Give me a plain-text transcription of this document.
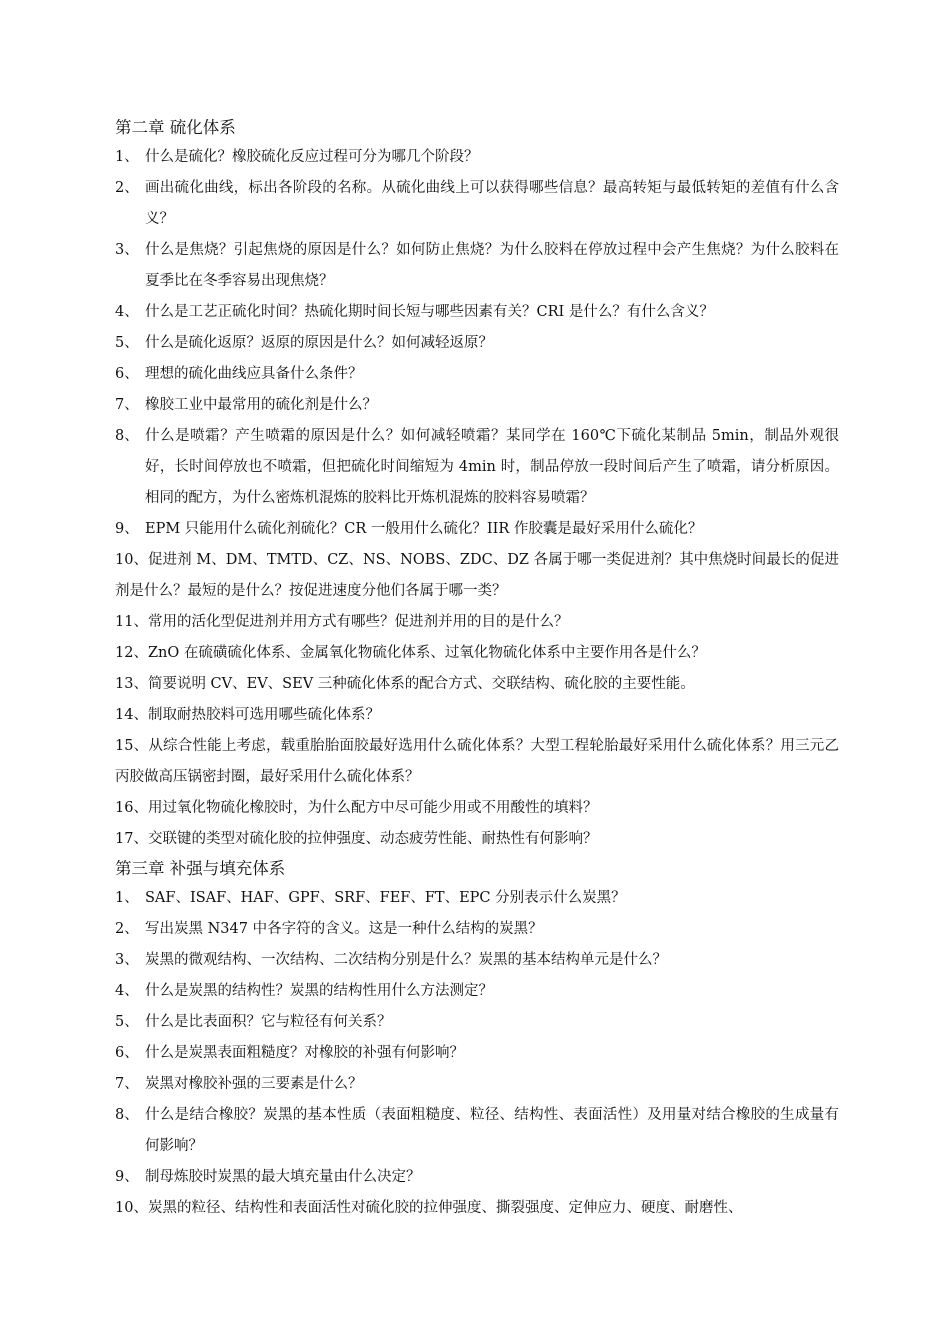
第二章 硫化体系

1、 什么是硫化？橡胶硫化反应过程可分为哪几个阶段？

2、 画出硫化曲线，标出各阶段的名称。从硫化曲线上可以获得哪些信息？最高转矩与最低转矩的差值有什么含义？

3、 什么是焦烧？引起焦烧的原因是什么？如何防止焦烧？为什么胶料在停放过程中会产生焦烧？为什么胶料在夏季比在冬季容易出现焦烧？

4、 什么是工艺正硫化时间？热硫化期时间长短与哪些因素有关？CRI 是什么？有什么含义？

5、 什么是硫化返原？返原的原因是什么？如何减轻返原？

6、 理想的硫化曲线应具备什么条件？

7、 橡胶工业中最常用的硫化剂是什么？

8、 什么是喷霜？产生喷霜的原因是什么？如何减轻喷霜？某同学在 160℃下硫化某制品 5min，制品外观很好，长时间停放也不喷霜，但把硫化时间缩短为 4min 时，制品停放一段时间后产生了喷霜，请分析原因。相同的配方，为什么密炼机混炼的胶料比开炼机混炼的胶料容易喷霜？

9、 EPM 只能用什么硫化剂硫化？CR 一般用什么硫化？IIR 作胶囊是最好采用什么硫化？

10、促进剂 M、DM、TMTD、CZ、NS、NOBS、ZDC、DZ 各属于哪一类促进剂？其中焦烧时间最长的促进剂是什么？最短的是什么？按促进速度分他们各属于哪一类？

11、常用的活化型促进剂并用方式有哪些？促进剂并用的目的是什么？

12、ZnO 在硫磺硫化体系、金属氧化物硫化体系、过氧化物硫化体系中主要作用各是什么？

13、简要说明 CV、EV、SEV 三种硫化体系的配合方式、交联结构、硫化胶的主要性能。

14、制取耐热胶料可选用哪些硫化体系？

15、从综合性能上考虑，载重胎胎面胶最好选用什么硫化体系？大型工程轮胎最好采用什么硫化体系？用三元乙丙胶做高压锅密封圈，最好采用什么硫化体系？

16、用过氧化物硫化橡胶时，为什么配方中尽可能少用或不用酸性的填料？

17、交联键的类型对硫化胶的拉伸强度、动态疲劳性能、耐热性有何影响？

第三章 补强与填充体系

1、 SAF、ISAF、HAF、GPF、SRF、FEF、FT、EPC 分别表示什么炭黑？

2、 写出炭黑 N347 中各字符的含义。这是一种什么结构的炭黑？

3、 炭黑的微观结构、一次结构、二次结构分别是什么？炭黑的基本结构单元是什么？

4、 什么是炭黑的结构性？炭黑的结构性用什么方法测定？

5、 什么是比表面积？它与粒径有何关系？

6、 什么是炭黑表面粗糙度？对橡胶的补强有何影响？

7、 炭黑对橡胶补强的三要素是什么？

8、 什么是结合橡胶？炭黑的基本性质（表面粗糙度、粒径、结构性、表面活性）及用量对结合橡胶的生成量有何影响？

9、 制母炼胶时炭黑的最大填充量由什么决定？

10、炭黑的粒径、结构性和表面活性对硫化胶的拉伸强度、撕裂强度、定伸应力、硬度、耐磨性、
